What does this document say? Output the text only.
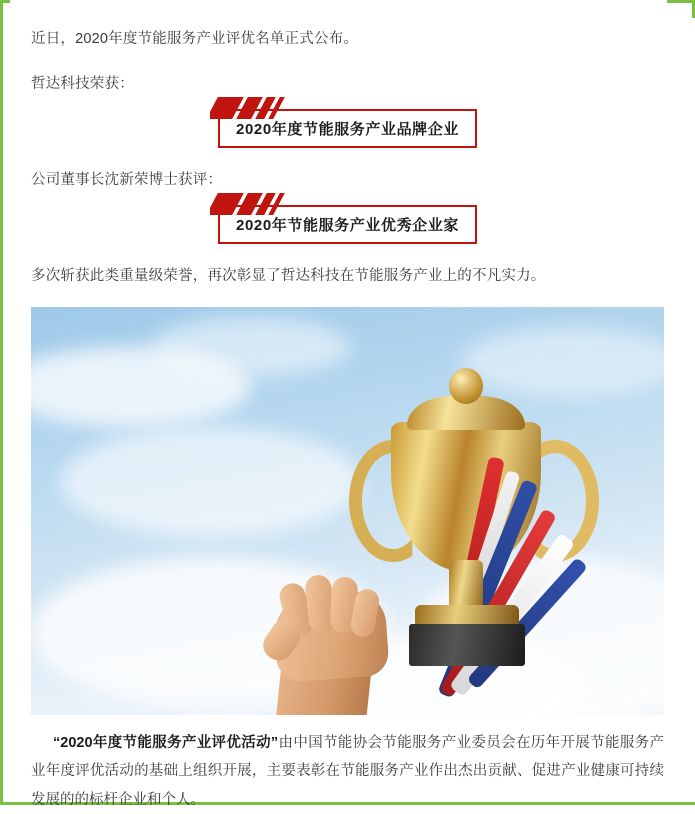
近日，2020年度节能服务产业评优名单正式公布。

哲达科技荣获：

2020年度节能服务产业品牌企业

公司董事长沈新荣博士获评：

2020年节能服务产业优秀企业家

多次斩获此类重量级荣誉，再次彰显了哲达科技在节能服务产业上的不凡实力。

“2020年度节能服务产业评优活动”由中国节能协会节能服务产业委员会在历年开展节能服务产业年度评优活动的基础上组织开展，主要表彰在节能服务产业作出杰出贡献、促进产业健康可持续发展的的标杆企业和个人。
